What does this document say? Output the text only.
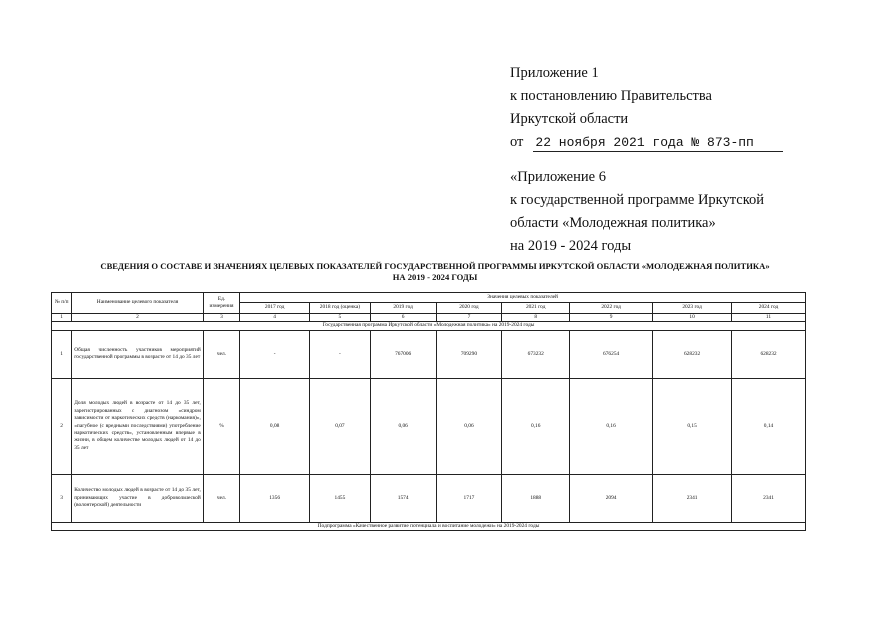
Приложение 1
к постановлению Правительства
Иркутской области
от 22 ноября 2021 года № 873-пп
«Приложение 6
к государственной программе Иркутской
области «Молодежная политика»
на 2019 - 2024 годы
СВЕДЕНИЯ О СОСТАВЕ И ЗНАЧЕНИЯХ ЦЕЛЕВЫХ ПОКАЗАТЕЛЕЙ ГОСУДАРСТВЕННОЙ ПРОГРАММЫ ИРКУТСКОЙ ОБЛАСТИ «МОЛОДЕЖНАЯ ПОЛИТИКА»
НА 2019 - 2024 ГОДЫ
№ п/п	Наименование целевого показателя	Ед. измерения	Значения целевых показателей							
			2017 год	2018 год (оценка)	2019 год	2020 год	2021 год	2022 год	2023 год	2024 год
1	2	3	4	5	6	7	8	9	10	11
Государственная программа Иркутской области «Молодежная политика» на 2019-2024 годы										
1	Общая численность участников мероприятий государственной программы в возрасте от 14 до 35 лет	чел.	-	-	767006	709290	673232	676254	628232	628232
2	Доля молодых людей в возрасте от 14 до 35 лет, зарегистрированных с диагнозом «синдром зависимости от наркотических средств (наркомания)», «пагубное (с вредными последствиями) употребление наркотических средств», установленным впервые в жизни, в общем количестве молодых людей от 14 до 35 лет	%	0,08	0,07	0,06	0,06	0,16	0,16	0,15	0,14
3	Количество молодых людей в возрасте от 14 до 35 лет, принимающих участие в добровольческой (волонтерской) деятельности	чел.	1356	1455	1574	1717	1888	2094	2341	2341
Подпрограмма «Качественное развитие потенциала и воспитание молодежи» на 2019-2024 годы										
